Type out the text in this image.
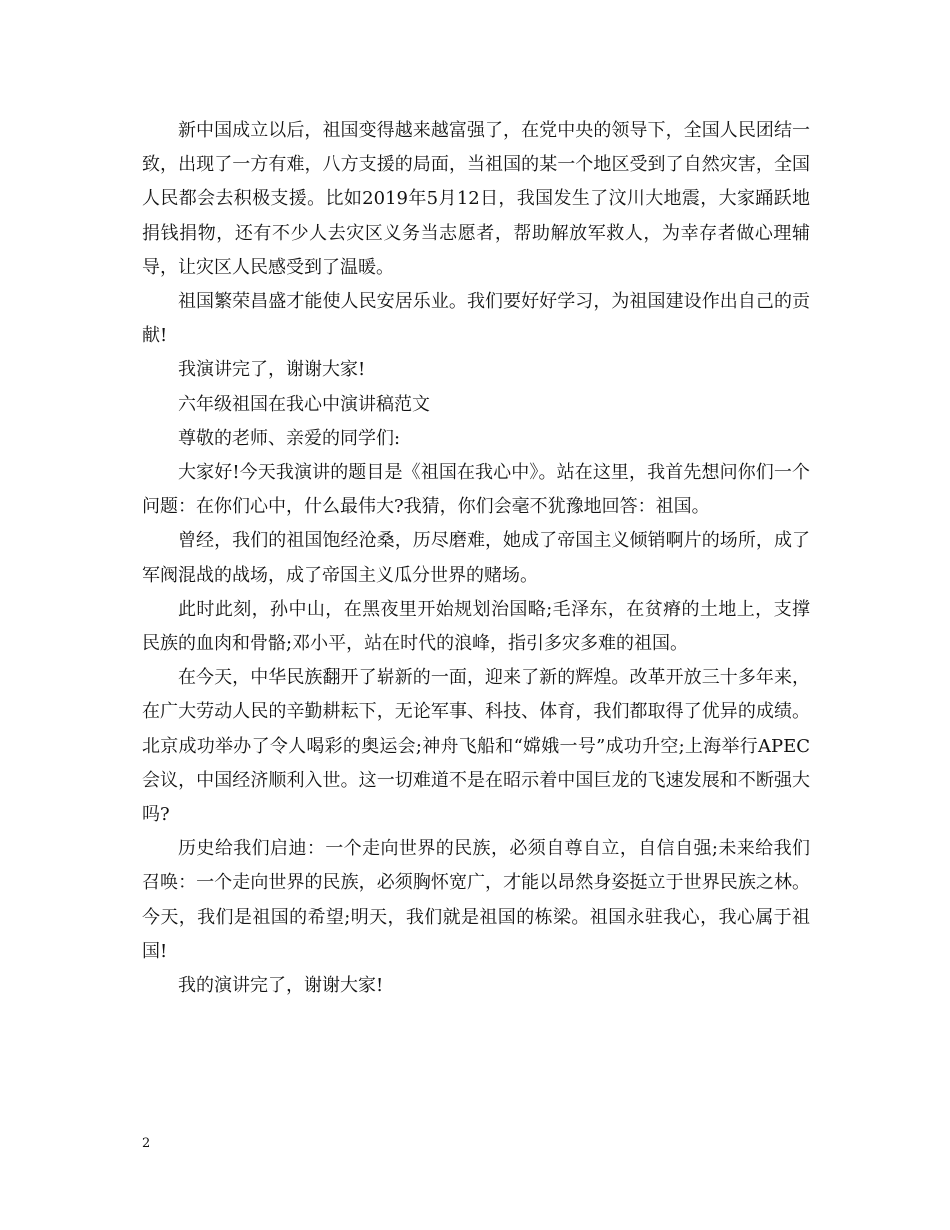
新中国成立以后，祖国变得越来越富强了，在党中央的领导下，全国人民团结一致，出现了一方有难，八方支援的局面，当祖国的某一个地区受到了自然灾害，全国人民都会去积极支援。比如2019年5月12日，我国发生了汶川大地震，大家踊跃地捐钱捐物，还有不少人去灾区义务当志愿者，帮助解放军救人，为幸存者做心理辅导，让灾区人民感受到了温暖。

祖国繁荣昌盛才能使人民安居乐业。我们要好好学习，为祖国建设作出自己的贡献!

我演讲完了，谢谢大家!

六年级祖国在我心中演讲稿范文

尊敬的老师、亲爱的同学们:

大家好!今天我演讲的题目是《祖国在我心中》。站在这里，我首先想问你们一个问题：在你们心中，什么最伟大?我猜，你们会毫不犹豫地回答：祖国。

曾经，我们的祖国饱经沧桑，历尽磨难，她成了帝国主义倾销啊片的场所，成了军阀混战的战场，成了帝国主义瓜分世界的赌场。

此时此刻，孙中山，在黑夜里开始规划治国略;毛泽东，在贫瘠的土地上，支撑民族的血肉和骨骼;邓小平，站在时代的浪峰，指引多灾多难的祖国。

在今天，中华民族翻开了崭新的一面，迎来了新的辉煌。改革开放三十多年来，在广大劳动人民的辛勤耕耘下，无论军事、科技、体育，我们都取得了优异的成绩。北京成功举办了令人喝彩的奥运会;神舟飞船和“嫦娥一号”成功升空;上海举行APEC会议，中国经济顺利入世。这一切难道不是在昭示着中国巨龙的飞速发展和不断强大吗?

历史给我们启迪：一个走向世界的民族，必须自尊自立，自信自强;未来给我们召唤：一个走向世界的民族，必须胸怀宽广，才能以昂然身姿挺立于世界民族之林。今天，我们是祖国的希望;明天，我们就是祖国的栋梁。祖国永驻我心，我心属于祖国!

我的演讲完了，谢谢大家!

2
